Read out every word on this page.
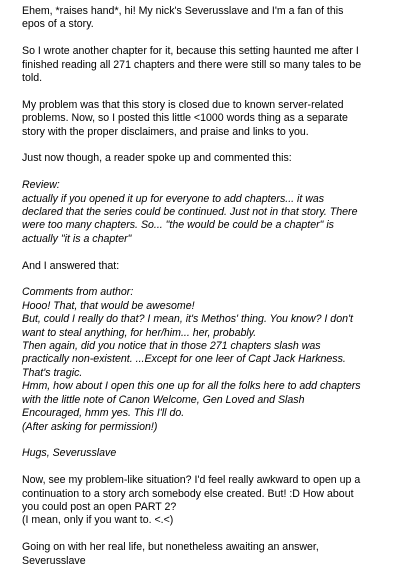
Ehem, *raises hand*, hi! My nick's Severusslave and I'm a fan of this
epos of a story.

So I wrote another chapter for it, because this setting haunted me after I
finished reading all 271 chapters and there were still so many tales to be
told.

My problem was that this story is closed due to known server-related
problems. Now, so I posted this little <1000 words thing as a separate
story with the proper disclaimers, and praise and links to you.

Just now though, a reader spoke up and commented this:

Review:
actually if you opened it up for everyone to add chapters... it was
declared that the series could be continued. Just not in that story. There
were too many chapters. So... "the would be could be a chapter" is
actually "it is a chapter"

And I answered that:

Comments from author:
Hooo! That, that would be awesome!
But, could I really do that? I mean, it's Methos' thing. You know? I don't
want to steal anything, for her/him... her, probably.
Then again, did you notice that in those 271 chapters slash was
practically non-existent. ...Except for one leer of Capt Jack Harkness.
That's tragic.
Hmm, how about I open this one up for all the folks here to add chapters
with the little note of Canon Welcome, Gen Loved and Slash
Encouraged, hmm yes. This I'll do.
(After asking for permission!)

Hugs, Severusslave

Now, see my problem-like situation? I'd feel really awkward to open up a
continuation to a story arch somebody else created. But! :D How about
you could post an open PART 2?
(I mean, only if you want to. <.<)

Going on with her real life, but nonetheless awaiting an answer,
Severusslave
